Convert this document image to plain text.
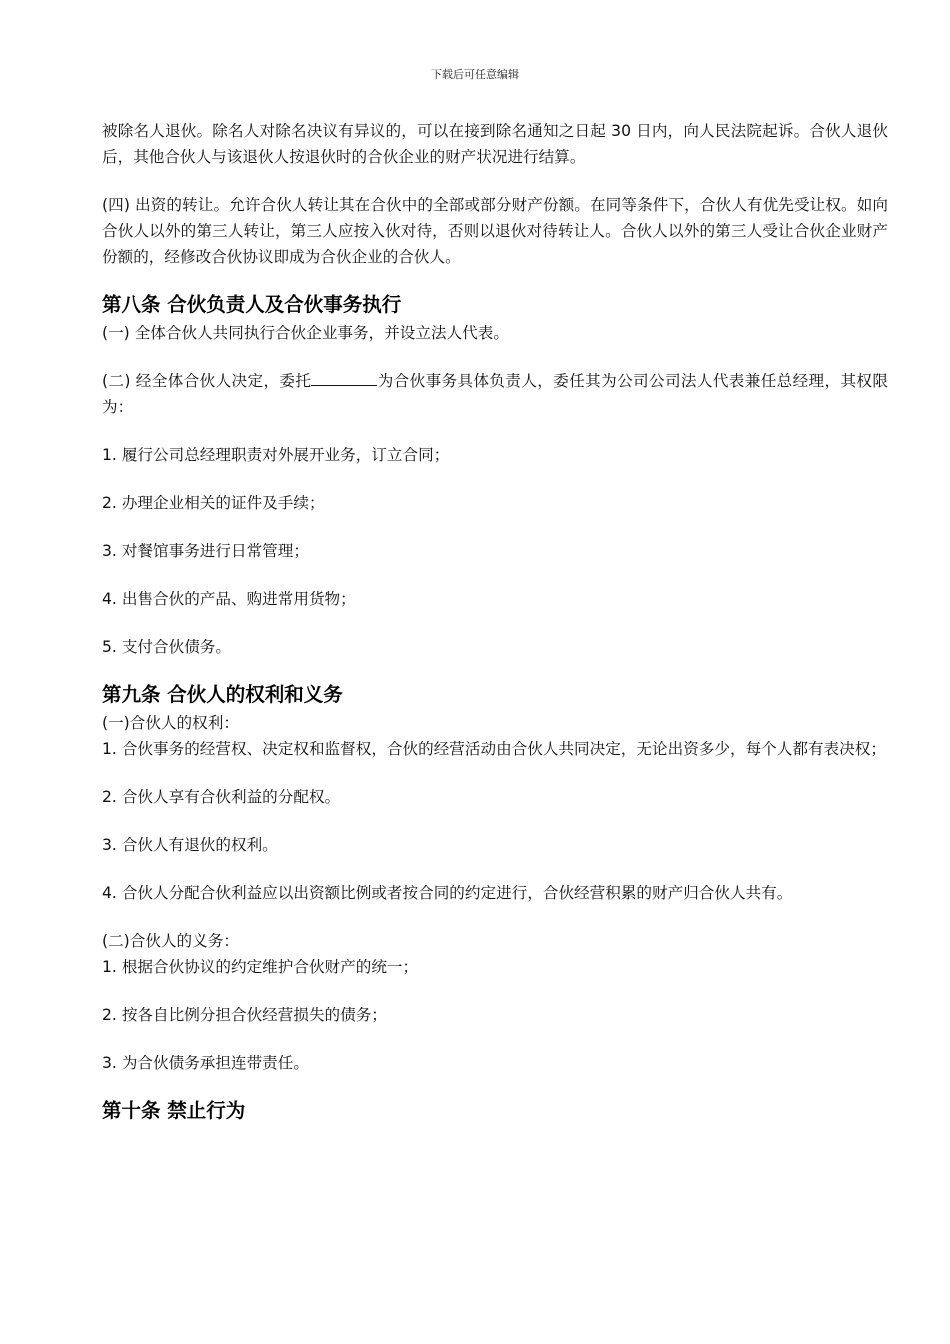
下载后可任意编辑

被除名人退伙。除名人对除名决议有异议的，可以在接到除名通知之日起 30 日内，向人民法院起诉。合伙人退伙后，其他合伙人与该退伙人按退伙时的合伙企业的财产状况进行结算。

(四) 出资的转让。允许合伙人转让其在合伙中的全部或部分财产份额。在同等条件下，合伙人有优先受让权。如向合伙人以外的第三人转让，第三人应按入伙对待，否则以退伙对待转让人。合伙人以外的第三人受让合伙企业财产份额的，经修改合伙协议即成为合伙企业的合伙人。

第八条 合伙负责人及合伙事务执行

(一) 全体合伙人共同执行合伙企业事务，并设立法人代表。

(二) 经全体合伙人决定，委托	为合伙事务具体负责人，委任其为公司公司法人代表兼任总经理，其权限为：

1. 履行公司总经理职责对外展开业务，订立合同；

2. 办理企业相关的证件及手续；

3. 对餐馆事务进行日常管理；

4. 出售合伙的产品、购进常用货物；

5. 支付合伙债务。

第九条 合伙人的权利和义务

(一)合伙人的权利：

1. 合伙事务的经营权、决定权和监督权，合伙的经营活动由合伙人共同决定，无论出资多少，每个人都有表决权；

2. 合伙人享有合伙利益的分配权。

3. 合伙人有退伙的权利。

4. 合伙人分配合伙利益应以出资额比例或者按合同的约定进行，合伙经营积累的财产归合伙人共有。

(二)合伙人的义务：

1. 根据合伙协议的约定维护合伙财产的统一；

2. 按各自比例分担合伙经营损失的债务；

3. 为合伙债务承担连带责任。

第十条 禁止行为
